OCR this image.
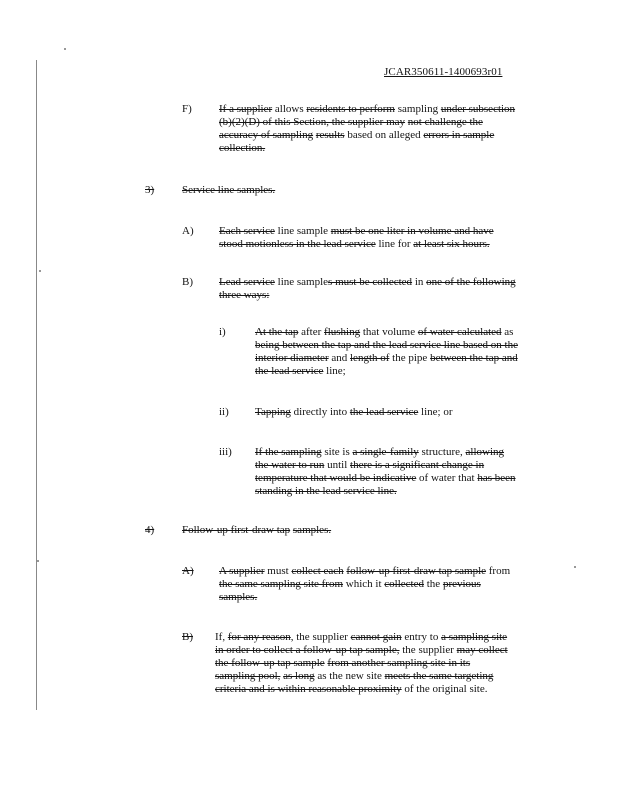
JCAR350611-1400693r01
F) If a supplier allows residents to perform sampling under subsection
(b)(2)(D) of this Section, the supplier may not challenge the
accuracy of sampling results based on alleged errors in sample
collection.
3)	Service line samples.
A) Each service line sample must be one liter in volume and have
stood motionless in the lead service line for at least six hours.
B) Lead service line samples must be collected in one of the following
three ways:
i)	At the tap after flushing that volume of water calculated as
being between the tap and the lead service line based on the
interior diameter and length of the pipe between the tap and
the lead service line;
ii) Tapping directly into the lead service line; or
iii) If the sampling site is a single-family structure, allowing
the water to run until there is a significant change in
temperature that would be indicative of water that has been
standing in the lead service line.
4)	Follow-up first-draw tap samples.
A) A supplier must collect each follow-up first-draw tap sample from
the same sampling site from which it collected the previous
samples.
B) If, for any reason, the supplier cannot gain entry to a sampling site
in order to collect a follow-up tap sample, the supplier may collect
the follow-up tap sample from another sampling site in its
sampling pool, as long as the new site meets the same targeting
criteria and is within reasonable proximity of the original site.
